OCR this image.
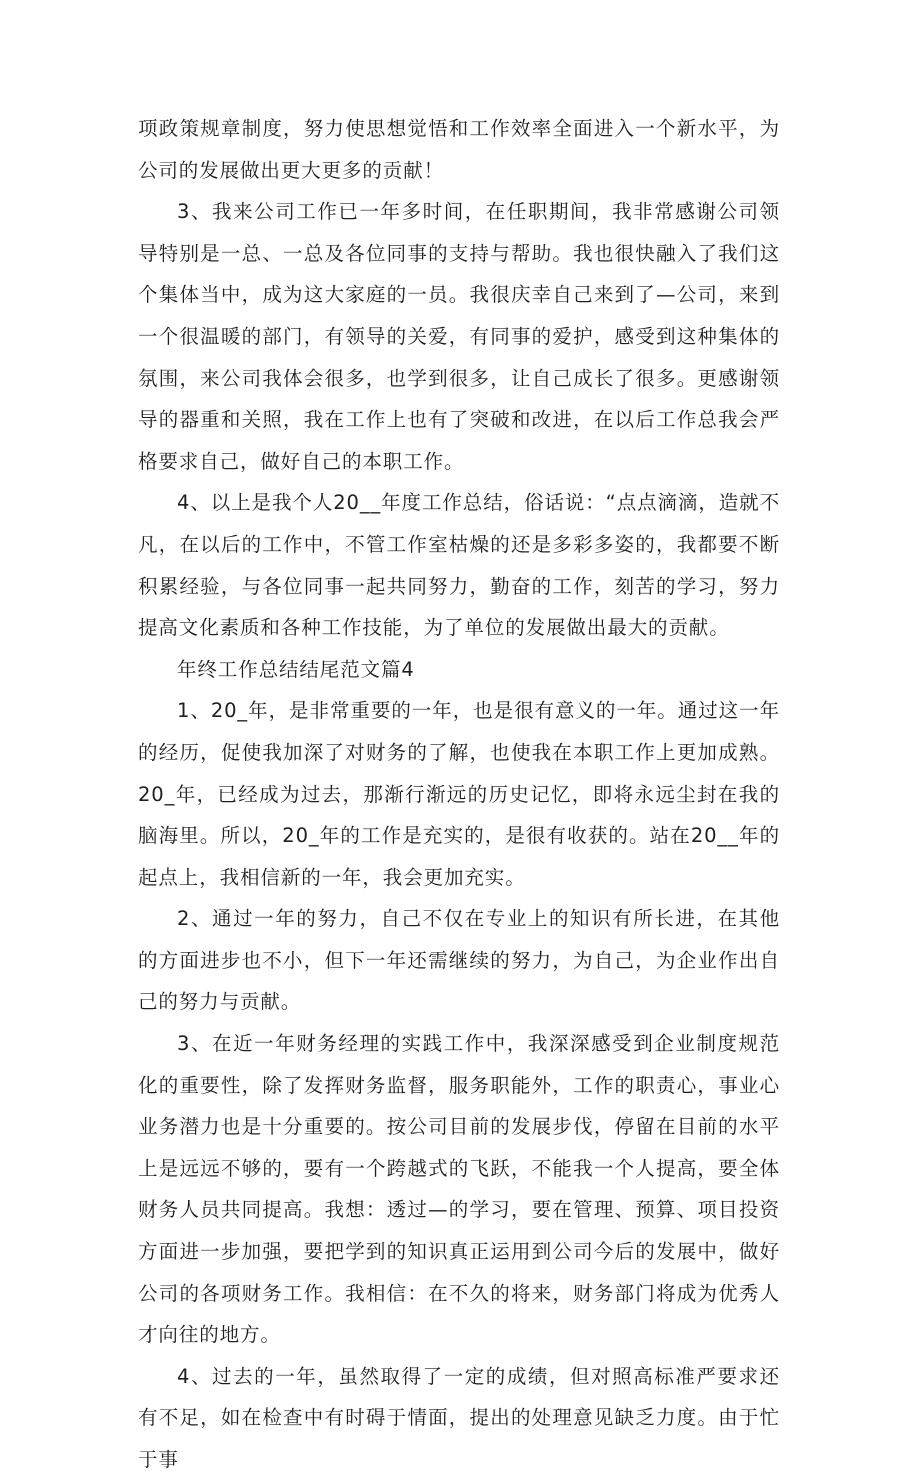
项政策规章制度，努力使思想觉悟和工作效率全面进入一个新水平，为公司的发展做出更大更多的贡献！

3、我来公司工作已一年多时间，在任职期间，我非常感谢公司领导特别是一总、一总及各位同事的支持与帮助。我也很快融入了我们这个集体当中，成为这大家庭的一员。我很庆幸自己来到了—公司，来到一个很温暖的部门，有领导的关爱，有同事的爱护，感受到这种集体的氛围，来公司我体会很多，也学到很多，让自己成长了很多。更感谢领导的器重和关照，我在工作上也有了突破和改进，在以后工作总我会严格要求自己，做好自己的本职工作。

4、以上是我个人20__年度工作总结，俗话说：“点点滴滴，造就不凡，在以后的工作中，不管工作室枯燥的还是多彩多姿的，我都要不断积累经验，与各位同事一起共同努力，勤奋的工作，刻苦的学习，努力提高文化素质和各种工作技能，为了单位的发展做出最大的贡献。

年终工作总结结尾范文篇4

1、20_年，是非常重要的一年，也是很有意义的一年。通过这一年的经历，促使我加深了对财务的了解，也使我在本职工作上更加成熟。20_年，已经成为过去，那渐行渐远的历史记忆，即将永远尘封在我的脑海里。所以，20_年的工作是充实的，是很有收获的。站在20__年的起点上，我相信新的一年，我会更加充实。

2、通过一年的努力，自己不仅在专业上的知识有所长进，在其他的方面进步也不小，但下一年还需继续的努力，为自己，为企业作出自己的努力与贡献。

3、在近一年财务经理的实践工作中，我深深感受到企业制度规范化的重要性，除了发挥财务监督，服务职能外，工作的职责心，事业心业务潜力也是十分重要的。按公司目前的发展步伐，停留在目前的水平上是远远不够的，要有一个跨越式的飞跃，不能我一个人提高，要全体财务人员共同提高。我想：透过—的学习，要在管理、预算、项目投资方面进一步加强，要把学到的知识真正运用到公司今后的发展中，做好公司的各项财务工作。我相信：在不久的将来，财务部门将成为优秀人才向往的地方。

4、过去的一年，虽然取得了一定的成绩，但对照高标准严要求还有不足，如在检查中有时碍于情面，提出的处理意见缺乏力度。由于忙于事
